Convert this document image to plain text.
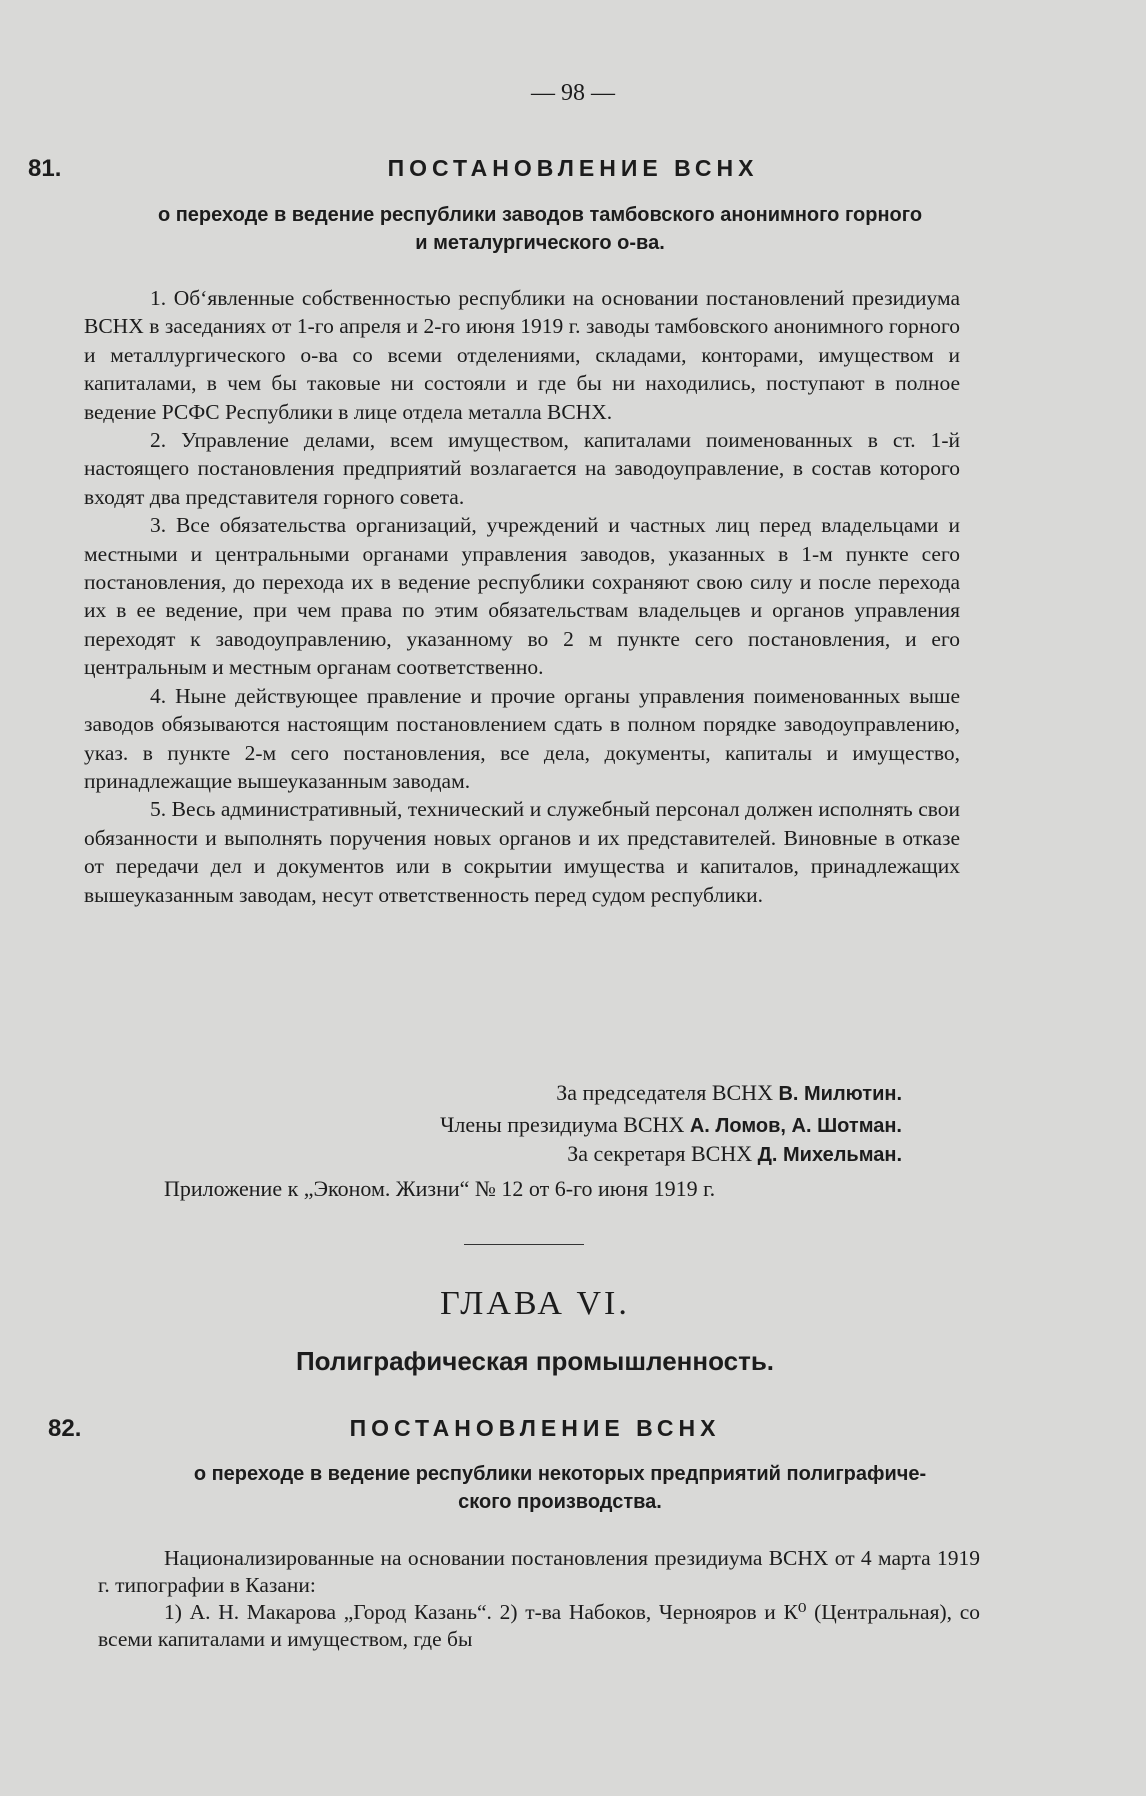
— 98 —
81.	ПОСТАНОВЛЕНИЕ ВСНХ
о переходе в ведение республики заводов тамбовского анонимного горного
и металургического о-ва.

1. Об‘явленные собственностью республики на основании постановлений президиума ВСНХ в заседаниях от 1-го апреля и 2-го июня 1919 г. заводы тамбовского анонимного горного и металлургического о-ва со всеми отделениями, складами, конторами, имуществом и капиталами, в чем бы таковые ни состояли и где бы ни находились, поступают в полное ведение РСФС Республики в лице отдела металла ВСНХ.

2. Управление делами, всем имуществом, капиталами поименованных в ст. 1-й настоящего постановления предприятий возлагается на заводоуправление, в состав которого входят два представителя горного совета.

3. Все обязательства организаций, учреждений и частных лиц перед владельцами и местными и центральными органами управления заводов, указанных в 1-м пункте сего постановления, до перехода их в ведение республики сохраняют свою силу и после перехода их в ее ведение, при чем права по этим обязательствам владельцев и органов управления переходят к заводоуправлению, указанному во 2 м пункте сего постановления, и его центральным и местным органам соответственно.

4. Ныне действующее правление и прочие органы управления поименованных выше заводов обязываются настоящим постановлением сдать в полном порядке заводоуправлению, указ. в пункте 2-м сего постановления, все дела, документы, капиталы и имущество, принадлежащие вышеуказанным заводам.

5. Весь административный, технический и служебный персонал должен исполнять свои обязанности и выполнять поручения новых органов и их представителей. Виновные в отказе от передачи дел и документов или в сокрытии имущества и капиталов, принадлежащих вышеуказанным заводам, несут ответственность перед судом республики.

За председателя ВСНХ В. Милютин.
Члены президиума ВСНХ А. Ломов, А. Шотман.
За секретаря ВСНХ Д. Михельман.
Приложение к „Эконом. Жизни“ № 12 от 6-го июня 1919 г.
ГЛАВА VI.
Полиграфическая промышленность.
82.	ПОСТАНОВЛЕНИЕ ВСНХ
о переходе в ведение республики некоторых предприятий полиграфиче-
ского производства.

Национализированные на основании постановления президиума ВСНХ от 4 марта 1919 г. типографии в Казани:

1) А. Н. Макарова „Город Казань“. 2) т-ва Набоков, Чернояров и К⁰ (Центральная), со всеми капиталами и имуществом, где бы
